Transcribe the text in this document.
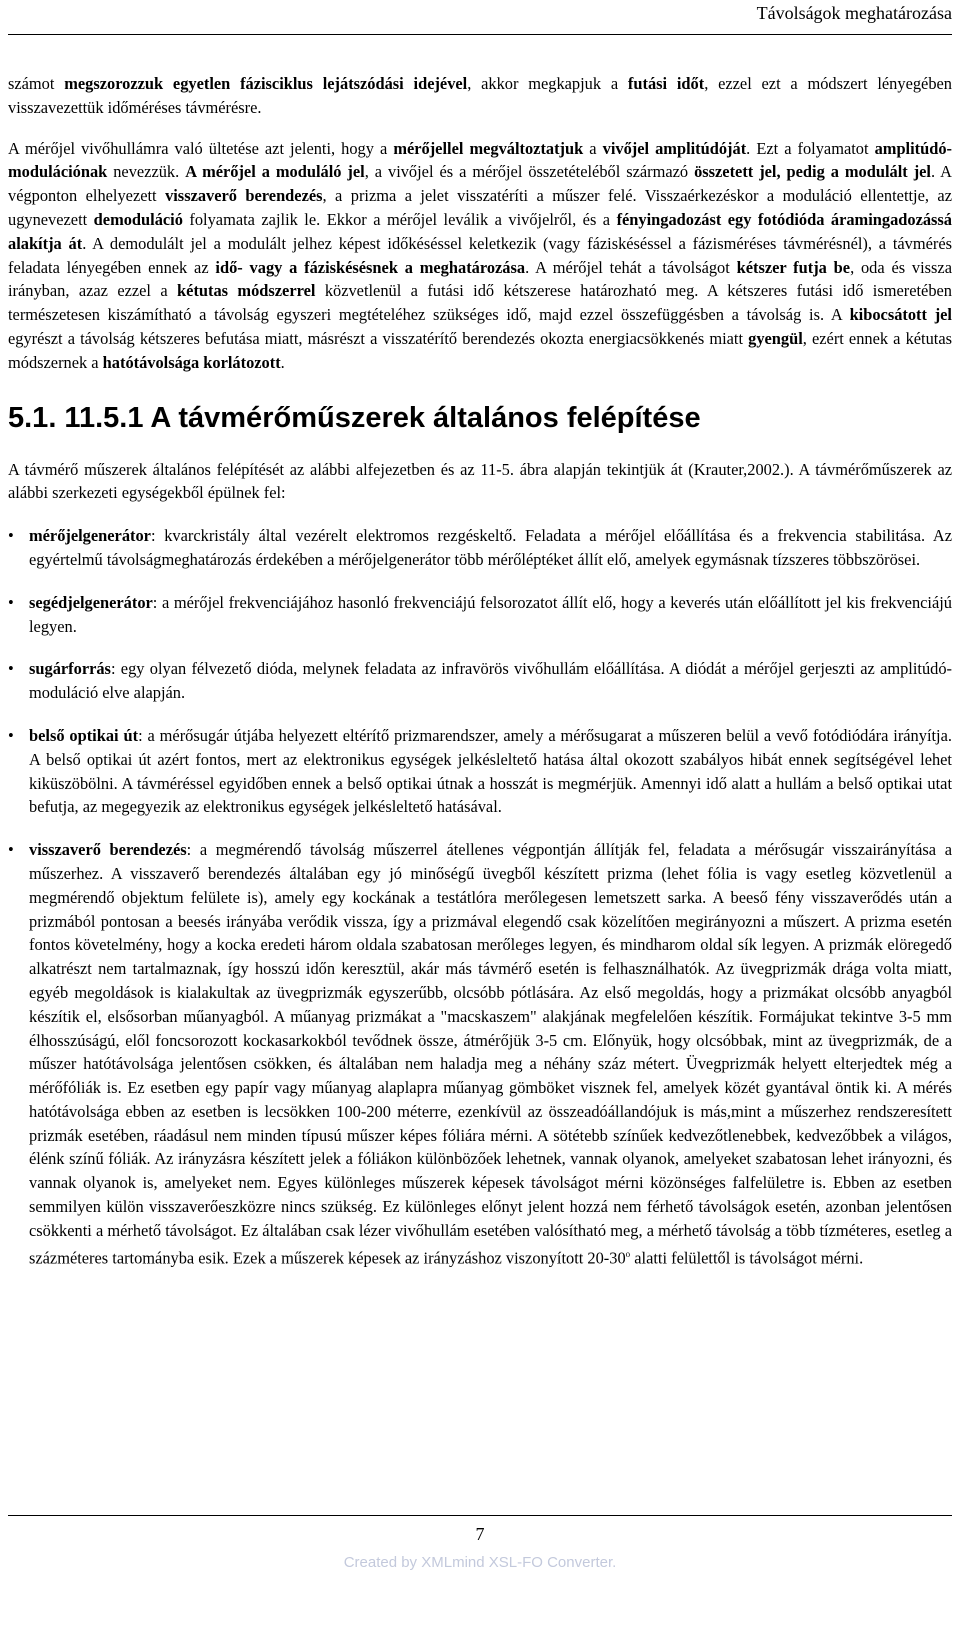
Távolságok meghatározása

számot megszorozzuk egyetlen fázisciklus lejátszódási idejével, akkor megkapjuk a futási időt, ezzel ezt a módszert lényegében visszavezettük időméréses távmérésre.

A mérőjel vivőhullámra való ültetése azt jelenti, hogy a mérőjellel megváltoztatjuk a vivőjel amplitúdóját. Ezt a folyamatot amplitúdó-modulációnak nevezzük. A mérőjel a moduláló jel, a vivőjel és a mérőjel összetételéből származó összetett jel, pedig a modulált jel. A végponton elhelyezett visszaverő berendezés, a prizma a jelet visszatéríti a műszer felé. Visszaérkezéskor a moduláció ellentettje, az ugynevezett demoduláció folyamata zajlik le. Ekkor a mérőjel leválik a vivőjelről, és a fényingadozást egy fotódióda áramingadozássá alakítja át. A demodulált jel a modulált jelhez képest időkéséssel keletkezik (vagy fáziskéséssel a fázisméréses távmérésnél), a távmérés feladata lényegében ennek az idő- vagy a fáziskésésnek a meghatározása. A mérőjel tehát a távolságot kétszer futja be, oda és vissza irányban, azaz ezzel a kétutas módszerrel közvetlenül a futási idő kétszerese határozható meg. A kétszeres futási idő ismeretében természetesen kiszámítható a távolság egyszeri megtételéhez szükséges idő, majd ezzel összefüggésben a távolság is. A kibocsátott jel egyrészt a távolság kétszeres befutása miatt, másrészt a visszatérítő berendezés okozta energiacsökkenés miatt gyengül, ezért ennek a kétutas módszernek a hatótávolsága korlátozott.

5.1. 11.5.1 A távmérőműszerek általános felépítése

A távmérő műszerek általános felépítését az alábbi alfejezetben és az 11-5. ábra alapján tekintjük át (Krauter,2002.). A távmérőműszerek az alábbi szerkezeti egységekből épülnek fel:

• mérőjelgenerátor: kvarckristály által vezérelt elektromos rezgéskeltő. Feladata a mérőjel előállítása és a frekvencia stabilitása. Az egyértelmű távolságmeghatározás érdekében a mérőjelgenerátor több mérőléptéket állít elő, amelyek egymásnak tízszeres többszörösei.
• segédjelgenerátor: a mérőjel frekvenciájához hasonló frekvenciájú felsorozatot állít elő, hogy a keverés után előállított jel kis frekvenciájú legyen.
• sugárforrás: egy olyan félvezető dióda, melynek feladata az infravörös vivőhullám előállítása. A diódát a mérőjel gerjeszti az amplitúdó-moduláció elve alapján.
• belső optikai út: a mérősugár útjába helyezett eltérítő prizmarendszer, amely a mérősugarat a műszeren belül a vevő fotódiódára irányítja. A belső optikai út azért fontos, mert az elektronikus egységek jelkésleltető hatása által okozott szabályos hibát ennek segítségével lehet kiküszöbölni. A távméréssel egyidőben ennek a belső optikai útnak a hosszát is megmérjük. Amennyi idő alatt a hullám a belső optikai utat befutja, az megegyezik az elektronikus egységek jelkésleltető hatásával.
• visszaverő berendezés: a megmérendő távolság műszerrel átellenes végpontján állítják fel, feladata a mérősugár visszairányítása a műszerhez. A visszaverő berendezés általában egy jó minőségű üvegből készített prizma (lehet fólia is vagy esetleg közvetlenül a megmérendő objektum felülete is), amely egy kockának a testátlóra merőlegesen lemetszett sarka. A beeső fény visszaverődés után a prizmából pontosan a beesés irányába verődik vissza, így a prizmával elegendő csak közelítően megirányozni a műszert. A prizma esetén fontos követelmény, hogy a kocka eredeti három oldala szabatosan merőleges legyen, és mindharom oldal sík legyen. A prizmák elöregedő alkatrészt nem tartalmaznak, így hosszú időn keresztül, akár más távmérő esetén is felhasználhatók. Az üvegprizmák drága volta miatt, egyéb megoldások is kialakultak az üvegprizmák egyszerűbb, olcsóbb pótlására. Az első megoldás, hogy a prizmákat olcsóbb anyagból készítik el, elsősorban műanyagból. A műanyag prizmákat a "macskaszem" alakjának megfelelően készítik. Formájukat tekintve 3-5 mm élhosszúságú, elől foncsorozott kockasarkokból tevődnek össze, átmérőjük 3-5 cm. Előnyük, hogy olcsóbbak, mint az üvegprizmák, de a műszer hatótávolsága jelentősen csökken, és általában nem haladja meg a néhány száz métert. Üvegprizmák helyett elterjedtek még a mérőfóliák is. Ez esetben egy papír vagy műanyag alaplapra műanyag gömböket visznek fel, amelyek közét gyantával öntik ki. A mérés hatótávolsága ebben az esetben is lecsökken 100-200 méterre, ezenkívül az összeadóállandójuk is más,mint a műszerhez rendszeresített prizmák esetében, ráadásul nem minden típusú műszer képes fóliára mérni. A sötétebb színűek kedvezőtlenebbek, kedvezőbbek a világos, élénk színű fóliák. Az irányzásra készített jelek a fóliákon különbözőek lehetnek, vannak olyanok, amelyeket szabatosan lehet irányozni, és vannak olyanok is, amelyeket nem. Egyes különleges műszerek képesek távolságot mérni közönséges falfelületre is. Ebben az esetben semmilyen külön visszaverőeszközre nincs szükség. Ez különleges előnyt jelent hozzá nem férhető távolságok esetén, azonban jelentősen csökkenti a mérhető távolságot. Ez általában csak lézer vivőhullám esetében valósítható meg, a mérhető távolság a több tízméteres, esetleg a százméteres tartományba esik. Ezek a műszerek képesek az irányzáshoz viszonyított 20-30$^o$ alatti felülettől is távolságot mérni.
7
Created by XMLmind XSL-FO Converter.
